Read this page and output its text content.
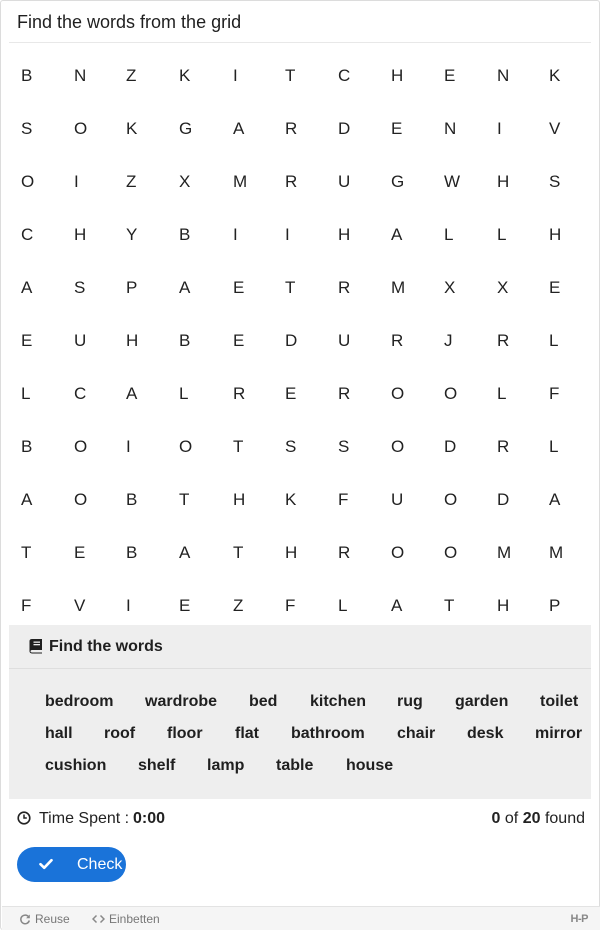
Find the words from the grid
B	N	Z	K	I	T	C	H	E	N	K
S	O	K	G	A	R	D	E	N	I	V
O	I	Z	X	M	R	U	G	W	H	S
C	H	Y	B	I	I	H	A	L	L	H
A	S	P	A	E	T	R	M	X	X	E
E	U	H	B	E	D	U	R	J	R	L
L	C	A	L	R	E	R	O	O	L	F
B	O	I	O	T	S	S	O	D	R	L
A	O	B	T	H	K	F	U	O	D	A
T	E	B	A	T	H	R	O	O	M	M
F	V	I	E	Z	F	L	A	T	H	P
Find the words
bedroom wardrobe bed kitchen rug garden toilet
hall roof floor flat bathroom chair desk mirror
cushion shelf lamp table house
Time Spent : 0:00	0 of 20 found
Check
Reuse	Einbetten	H-P
